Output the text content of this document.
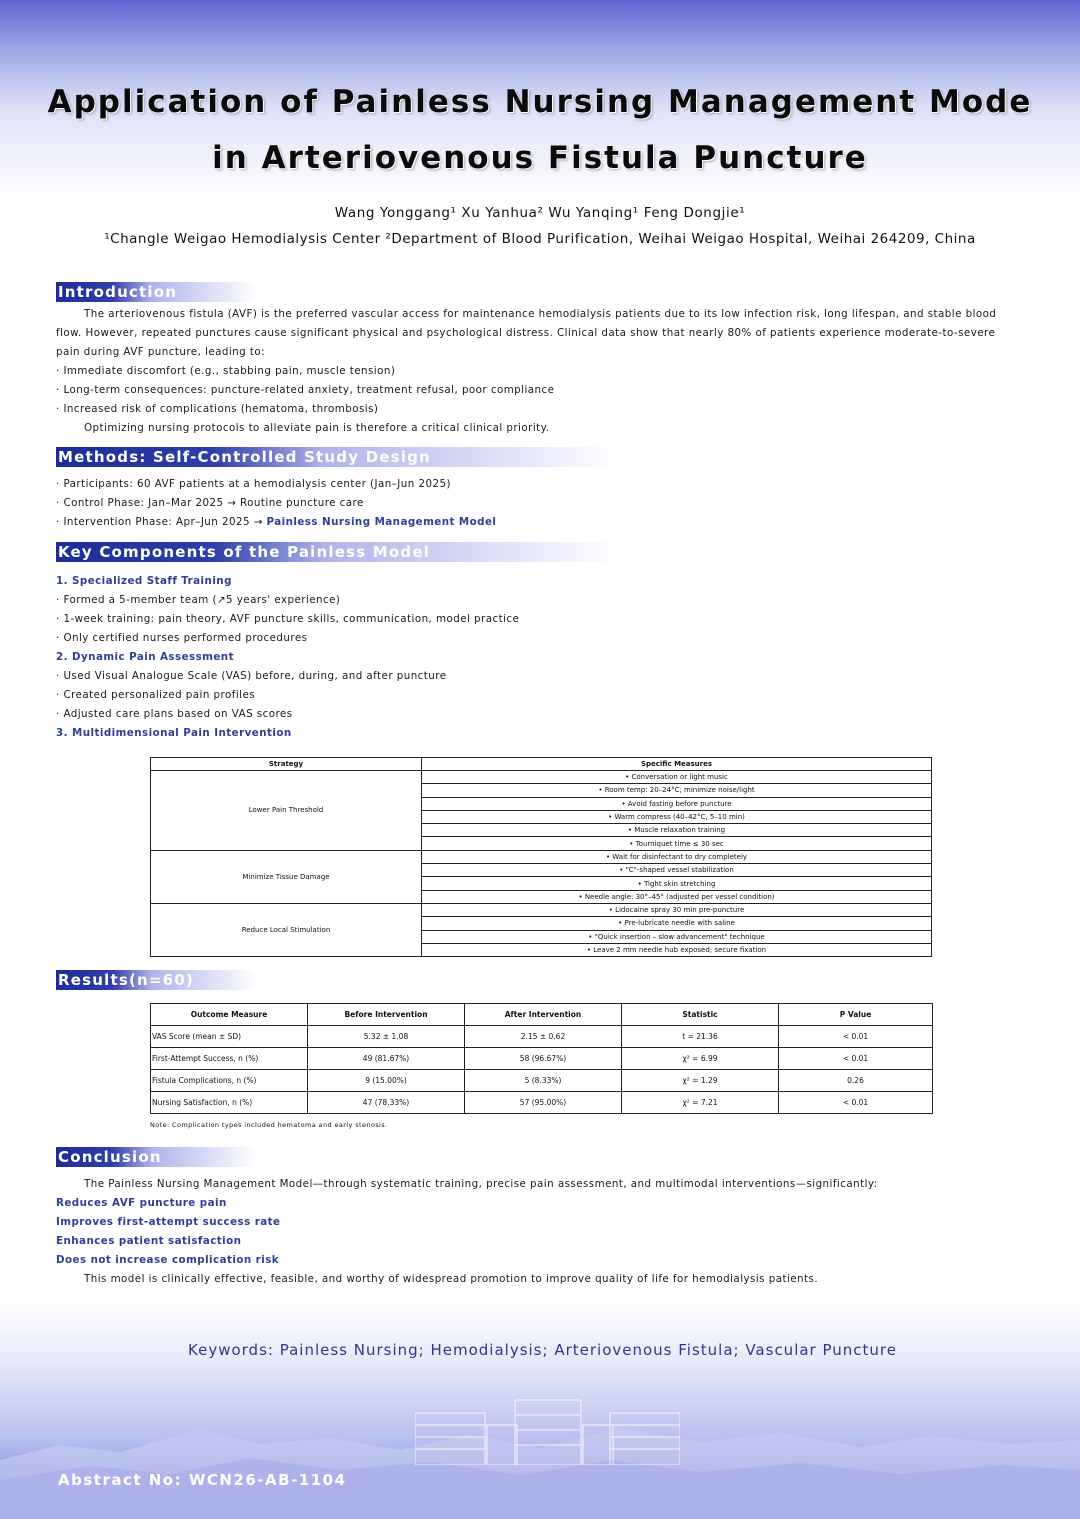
Application of Painless Nursing Management Mode
in Arteriovenous Fistula Puncture
Wang Yonggang¹ Xu Yanhua² Wu Yanqing¹ Feng Dongjie¹
¹Changle Weigao Hemodialysis Center ²Department of Blood Purification, Weihai Weigao Hospital, Weihai 264209, China
Introduction
The arteriovenous fistula (AVF) is the preferred vascular access for maintenance hemodialysis patients due to its low infection risk, long lifespan, and stable blood flow. However, repeated punctures cause significant physical and psychological distress. Clinical data show that nearly 80% of patients experience moderate-to-severe pain during AVF puncture, leading to:
· Immediate discomfort (e.g., stabbing pain, muscle tension)
· Long-term consequences: puncture-related anxiety, treatment refusal, poor compliance
· Increased risk of complications (hematoma, thrombosis)
Optimizing nursing protocols to alleviate pain is therefore a critical clinical priority.
Methods: Self-Controlled Study Design
· Participants: 60 AVF patients at a hemodialysis center (Jan–Jun 2025)
· Control Phase: Jan–Mar 2025 → Routine puncture care
· Intervention Phase: Apr–Jun 2025 → Painless Nursing Management Model
Key Components of the Painless Model
1. Specialized Staff Training
· Formed a 5-member team (↗5 years' experience)
· 1-week training: pain theory, AVF puncture skills, communication, model practice
· Only certified nurses performed procedures
2. Dynamic Pain Assessment
· Used Visual Analogue Scale (VAS) before, during, and after puncture
· Created personalized pain profiles
· Adjusted care plans based on VAS scores
3. Multidimensional Pain Intervention
Strategy	Specific Measures
Lower Pain Threshold	• Conversation or light music
	• Room temp: 20–24°C; minimize noise/light
	• Avoid fasting before puncture
	• Warm compress (40–42°C, 5–10 min)
	• Muscle relaxation training
	• Tourniquet time ≤ 30 sec
Minimize Tissue Damage	• Wait for disinfectant to dry completely
	• "C"-shaped vessel stabilization
	• Tight skin stretching
	• Needle angle: 30°–45° (adjusted per vessel condition)
Reduce Local Stimulation	• Lidocaine spray 30 min pre-puncture
	• Pre-lubricate needle with saline
	• "Quick insertion – slow advancement" technique
	• Leave 2 mm needle hub exposed; secure fixation
Results(n=60)
Outcome Measure	Before Intervention	After Intervention	Statistic	P Value
VAS Score (mean ± SD)	5.32 ± 1.08	2.15 ± 0.62	t = 21.36	< 0.01
First-Attempt Success, n (%)	49 (81.67%)	58 (96.67%)	χ² = 6.99	< 0.01
Fistula Complications, n (%)	9 (15.00%)	5 (8.33%)	χ² = 1.29	0.26
Nursing Satisfaction, n (%)	47 (78.33%)	57 (95.00%)	χ² = 7.21	< 0.01
Note: Complication types included hematoma and early stenosis.
Conclusion
The Painless Nursing Management Model—through systematic training, precise pain assessment, and multimodal interventions—significantly:
Reduces AVF puncture pain
Improves first-attempt success rate
Enhances patient satisfaction
Does not increase complication risk
This model is clinically effective, feasible, and worthy of widespread promotion to improve quality of life for hemodialysis patients.
Keywords: Painless Nursing; Hemodialysis; Arteriovenous Fistula; Vascular Puncture
Abstract No: WCN26-AB-1104
